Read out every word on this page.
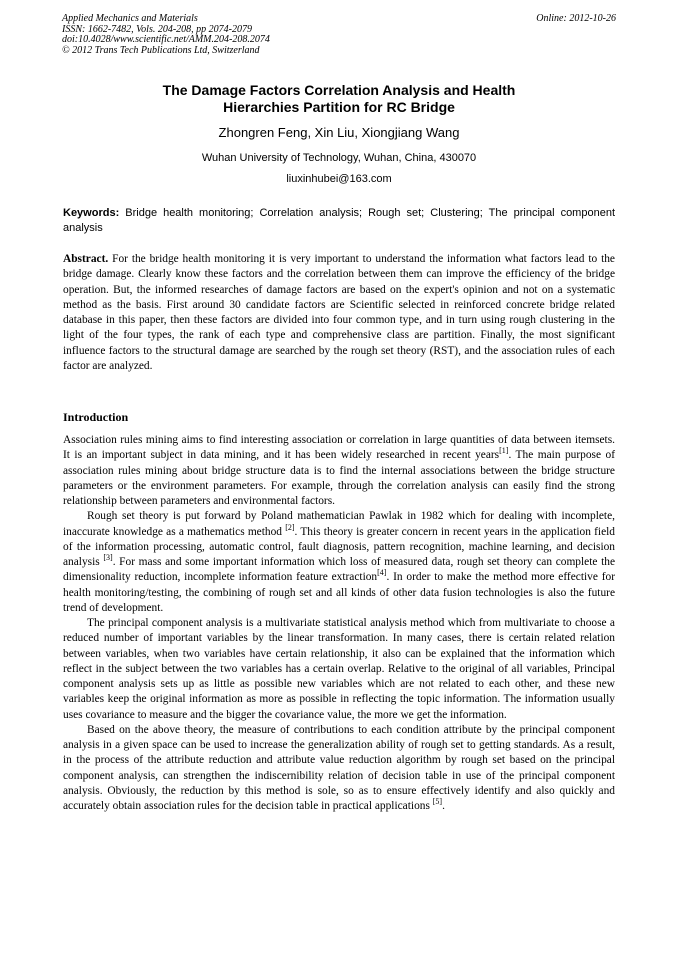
Applied Mechanics and Materials
ISSN: 1662-7482, Vols. 204-208, pp 2074-2079
doi:10.4028/www.scientific.net/AMM.204-208.2074
© 2012 Trans Tech Publications Ltd, Switzerland
Online: 2012-10-26
The Damage Factors Correlation Analysis and Health
Hierarchies Partition for RC Bridge
Zhongren Feng, Xin Liu, Xiongjiang Wang
Wuhan University of Technology, Wuhan, China, 430070
liuxinhubei@163.com
Keywords: Bridge health monitoring; Correlation analysis; Rough set; Clustering; The principal component analysis
Abstract. For the bridge health monitoring it is very important to understand the information what factors lead to the bridge damage. Clearly know these factors and the correlation between them can improve the efficiency of the bridge operation. But, the informed researches of damage factors are based on the expert's opinion and not on a systematic method as the basis. First around 30 candidate factors are Scientific selected in reinforced concrete bridge related database in this paper, then these factors are divided into four common type, and in turn using rough clustering in the light of the four types, the rank of each type and comprehensive class are partition. Finally, the most significant influence factors to the structural damage are searched by the rough set theory (RST), and the association rules of each factor are analyzed.
Introduction

Association rules mining aims to find interesting association or correlation in large quantities of data between itemsets. It is an important subject in data mining, and it has been widely researched in recent years[1]. The main purpose of association rules mining about bridge structure data is to find the internal associations between the bridge structure parameters or the environment parameters. For example, through the correlation analysis can easily find the strong relationship between parameters and environmental factors.

Rough set theory is put forward by Poland mathematician Pawlak in 1982 which for dealing with incomplete, inaccurate knowledge as a mathematics method [2]. This theory is greater concern in recent years in the application field of the information processing, automatic control, fault diagnosis, pattern recognition, machine learning, and decision analysis [3]. For mass and some important information which loss of measured data, rough set theory can complete the dimensionality reduction, incomplete information feature extraction[4]. In order to make the method more effective for health monitoring/testing, the combining of rough set and all kinds of other data fusion technologies is also the future trend of development.

The principal component analysis is a multivariate statistical analysis method which from multivariate to choose a reduced number of important variables by the linear transformation. In many cases, there is certain related relation between variables, when two variables have certain relationship, it also can be explained that the information which reflect in the subject between the two variables has a certain overlap. Relative to the original of all variables, Principal component analysis sets up as little as possible new variables which are not related to each other, and these new variables keep the original information as more as possible in reflecting the topic information. The information usually uses covariance to measure and the bigger the covariance value, the more we get the information.

Based on the above theory, the measure of contributions to each condition attribute by the principal component analysis in a given space can be used to increase the generalization ability of rough set to getting standards. As a result, in the process of the attribute reduction and attribute value reduction algorithm by rough set based on the principal component analysis, can strengthen the indiscernibility relation of decision table in use of the principal component analysis. Obviously, the reduction by this method is sole, so as to ensure effectively identify and also quickly and accurately obtain association rules for the decision table in practical applications [5].
